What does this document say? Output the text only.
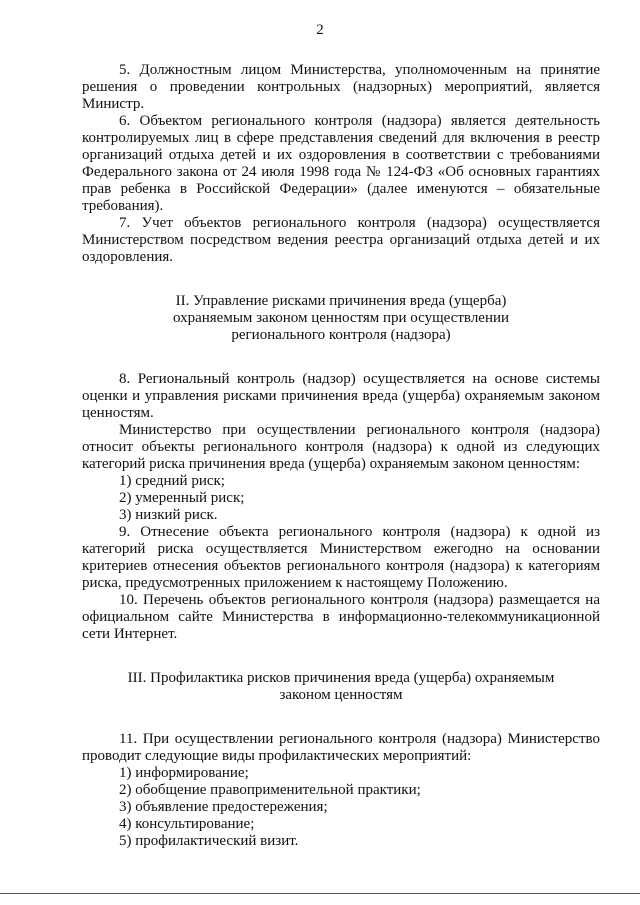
2

5. Должностным лицом Министерства, уполномоченным на принятие решения о проведении контрольных (надзорных) мероприятий, является Министр.

6. Объектом регионального контроля (надзора) является деятельность контролируемых лиц в сфере представления сведений для включения в реестр организаций отдыха детей и их оздоровления в соответствии с требованиями Федерального закона от 24 июля 1998 года № 124-ФЗ «Об основных гарантиях прав ребенка в Российской Федерации» (далее именуются – обязательные требования).

7. Учет объектов регионального контроля (надзора) осуществляется Министерством посредством ведения реестра организаций отдыха детей и их оздоровления.

II. Управление рисками причинения вреда (ущерба)

охраняемым законом ценностям при осуществлении

регионального контроля (надзора)

8. Региональный контроль (надзор) осуществляется на основе системы оценки и управления рисками причинения вреда (ущерба) охраняемым законом ценностям.

Министерство при осуществлении регионального контроля (надзора) относит объекты регионального контроля (надзора) к одной из следующих категорий риска причинения вреда (ущерба) охраняемым законом ценностям:

1) средний риск;

2) умеренный риск;

3) низкий риск.

9. Отнесение объекта регионального контроля (надзора) к одной из категорий риска осуществляется Министерством ежегодно на основании критериев отнесения объектов регионального контроля (надзора) к категориям риска, предусмотренных приложением к настоящему Положению.

10. Перечень объектов регионального контроля (надзора) размещается на официальном сайте Министерства в информационно-телекоммуникационной сети Интернет.

III. Профилактика рисков причинения вреда (ущерба) охраняемым

законом ценностям

11. При осуществлении регионального контроля (надзора) Министерство проводит следующие виды профилактических мероприятий:

1) информирование;

2) обобщение правоприменительной практики;

3) объявление предостережения;

4) консультирование;

5) профилактический визит.
